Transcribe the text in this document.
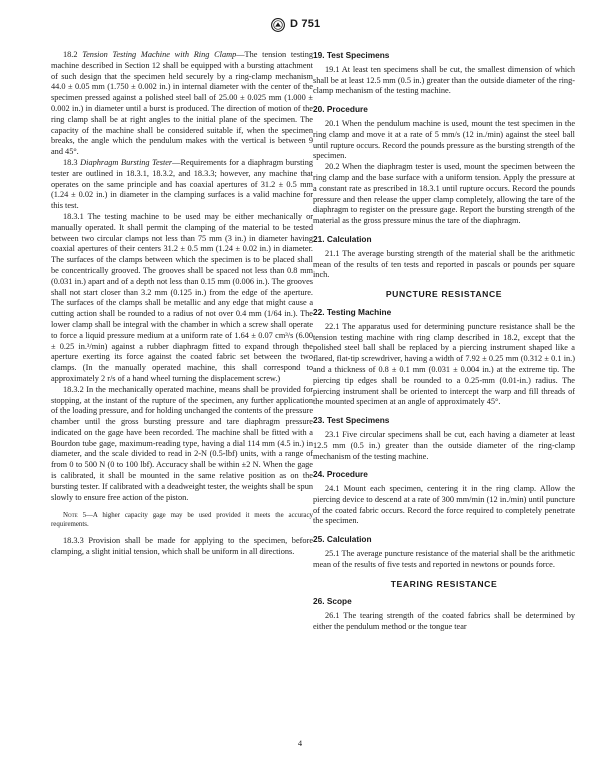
D 751

18.2 Tension Testing Machine with Ring Clamp—The tension testing machine described in Section 12 shall be equipped with a bursting attachment of such design that the specimen held securely by a ring-clamp mechanism 44.0 ± 0.05 mm (1.750 ± 0.002 in.) in internal diameter with the center of the specimen pressed against a polished steel ball of 25.00 ± 0.025 mm (1.000 ± 0.002 in.) in diameter until a burst is produced. The direction of motion of the ring clamp shall be at right angles to the initial plane of the specimen. The capacity of the machine shall be considered suitable if, when the specimen breaks, the angle which the pendulum makes with the vertical is between 9 and 45°.

18.3 Diaphragm Bursting Tester—Requirements for a diaphragm bursting tester are outlined in 18.3.1, 18.3.2, and 18.3.3; however, any machine that operates on the same principle and has coaxial apertures of 31.2 ± 0.5 mm (1.24 ± 0.02 in.) in diameter in the clamping surfaces is a valid machine for this test.

18.3.1 The testing machine to be used may be either mechanically or manually operated. It shall permit the clamping of the material to be tested between two circular clamps not less than 75 mm (3 in.) in diameter having coaxial apertures of their centers 31.2 ± 0.5 mm (1.24 ± 0.02 in.) in diameter. The surfaces of the clamps between which the specimen is to be placed shall be concentrically grooved. The grooves shall be spaced not less than 0.8 mm (0.031 in.) apart and of a depth not less than 0.15 mm (0.006 in.). The grooves shall not start closer than 3.2 mm (0.125 in.) from the edge of the aperture. The surfaces of the clamps shall be metallic and any edge that might cause a cutting action shall be rounded to a radius of not over 0.4 mm (1/64 in.). The lower clamp shall be integral with the chamber in which a screw shall operate to force a liquid pressure medium at a uniform rate of 1.64 ± 0.07 cm³/s (6.00 ± 0.25 in.³/min) against a rubber diaphragm fitted to expand through the aperture exerting its force against the coated fabric set between the two clamps. (In the manually operated machine, this shall correspond to approximately 2 r/s of a hand wheel turning the displacement screw.)

18.3.2 In the mechanically operated machine, means shall be provided for stopping, at the instant of the rupture of the specimen, any further application of the loading pressure, and for holding unchanged the contents of the pressure chamber until the gross bursting pressure and tare diaphragm pressure indicated on the gage have been recorded. The machine shall be fitted with a Bourdon tube gage, maximum-reading type, having a dial 114 mm (4.5 in.) in diameter, and the scale divided to read in 2-N (0.5-lbf) units, with a range of from 0 to 500 N (0 to 100 lbf). Accuracy shall be within ±2 N. When the gage is calibrated, it shall be mounted in the same relative position as on the bursting tester. If calibrated with a deadweight tester, the weights shall be spun slowly to ensure free action of the piston.

Note 5—A higher capacity gage may be used provided it meets the accuracy requirements.

18.3.3 Provision shall be made for applying to the specimen, before clamping, a slight initial tension, which shall be uniform in all directions.

19. Test Specimens

19.1 At least ten specimens shall be cut, the smallest dimension of which shall be at least 12.5 mm (0.5 in.) greater than the outside diameter of the ring-clamp mechanism of the testing machine.

20. Procedure

20.1 When the pendulum machine is used, mount the test specimen in the ring clamp and move it at a rate of 5 mm/s (12 in./min) against the steel ball until rupture occurs. Record the pounds pressure as the bursting strength of the specimen.

20.2 When the diaphragm tester is used, mount the specimen between the ring clamp and the base surface with a uniform tension. Apply the pressure at a constant rate as prescribed in 18.3.1 until rupture occurs. Record the pounds pressure and then release the upper clamp completely, allowing the tare of the diaphragm to register on the pressure gage. Report the bursting strength of the material as the gross pressure minus the tare of the diaphragm.

21. Calculation

21.1 The average bursting strength of the material shall be the arithmetic mean of the results of ten tests and reported in pascals or pounds per square inch.

PUNCTURE RESISTANCE
22. Testing Machine

22.1 The apparatus used for determining puncture resistance shall be the tension testing machine with ring clamp described in 18.2, except that the polished steel ball shall be replaced by a piercing instrument shaped like a flared, flat-tip screwdriver, having a width of 7.92 ± 0.25 mm (0.312 ± 0.1 in.) and a thickness of 0.8 ± 0.1 mm (0.031 ± 0.004 in.) at the extreme tip. The piercing tip edges shall be rounded to a 0.25-mm (0.01-in.) radius. The piercing instrument shall be oriented to intercept the warp and fill threads of the mounted specimen at an angle of approximately 45°.

23. Test Specimens

23.1 Five circular specimens shall be cut, each having a diameter at least 12.5 mm (0.5 in.) greater than the outside diameter of the ring-clamp mechanism of the testing machine.

24. Procedure

24.1 Mount each specimen, centering it in the ring clamp. Allow the piercing device to descend at a rate of 300 mm/min (12 in./min) until puncture of the coated fabric occurs. Record the force required to completely penetrate the specimen.

25. Calculation

25.1 The average puncture resistance of the material shall be the arithmetic mean of the results of five tests and reported in newtons or pounds force.

TEARING RESISTANCE
26. Scope

26.1 The tearing strength of the coated fabrics shall be determined by either the pendulum method or the tongue tear

4
